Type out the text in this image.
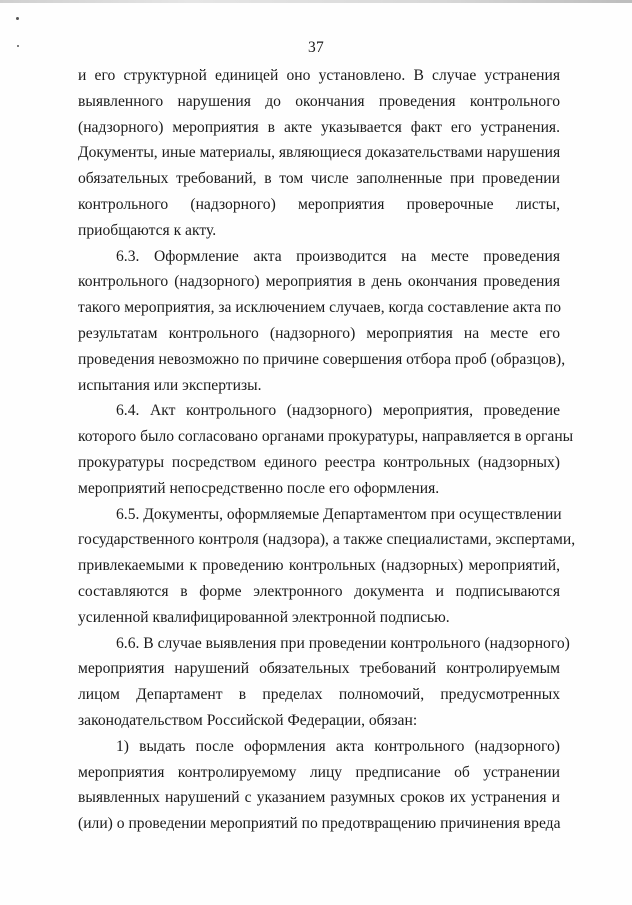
37
и его структурной единицей оно установлено. В случае устранения
выявленного нарушения до окончания проведения контрольного
(надзорного) мероприятия в акте указывается факт его устранения.
Документы, иные материалы, являющиеся доказательствами нарушения
обязательных требований, в том числе заполненные при проведении
контрольного (надзорного) мероприятия проверочные листы,
приобщаются к акту.
6.3. Оформление акта производится на месте проведения
контрольного (надзорного) мероприятия в день окончания проведения
такого мероприятия, за исключением случаев, когда составление акта по
результатам контрольного (надзорного) мероприятия на месте его
проведения невозможно по причине совершения отбора проб (образцов),
испытания или экспертизы.
6.4. Акт контрольного (надзорного) мероприятия, проведение
которого было согласовано органами прокуратуры, направляется в органы
прокуратуры посредством единого реестра контрольных (надзорных)
мероприятий непосредственно после его оформления.
6.5. Документы, оформляемые Департаментом при осуществлении
государственного контроля (надзора), а также специалистами, экспертами,
привлекаемыми к проведению контрольных (надзорных) мероприятий,
составляются в форме электронного документа и подписываются
усиленной квалифицированной электронной подписью.
6.6. В случае выявления при проведении контрольного (надзорного)
мероприятия нарушений обязательных требований контролируемым
лицом Департамент в пределах полномочий, предусмотренных
законодательством Российской Федерации, обязан:
1) выдать после оформления акта контрольного (надзорного)
мероприятия контролируемому лицу предписание об устранении
выявленных нарушений с указанием разумных сроков их устранения и
(или) о проведении мероприятий по предотвращению причинения вреда
